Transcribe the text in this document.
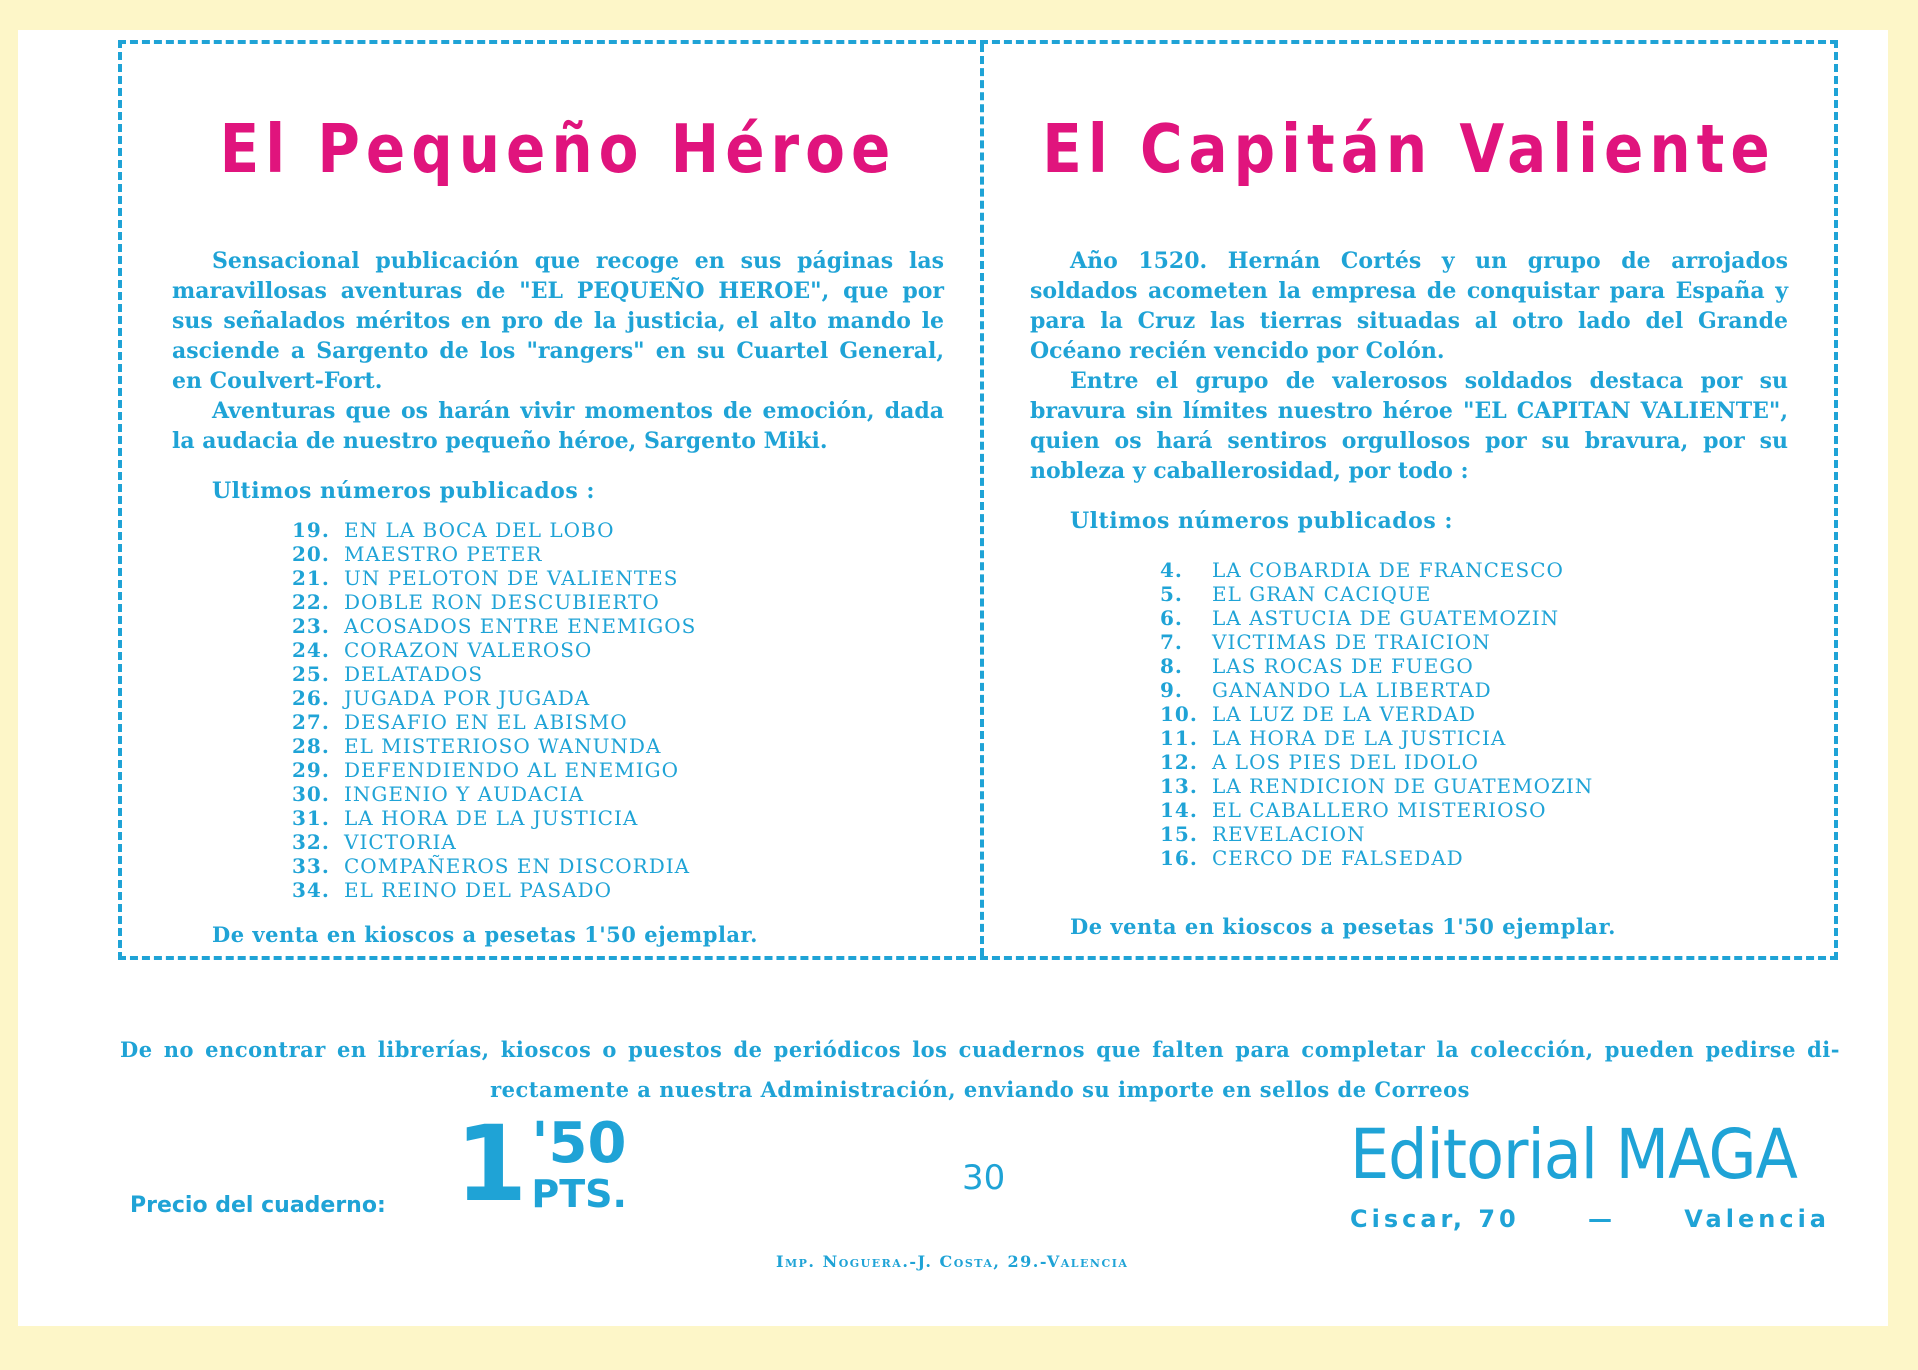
El Pequeño Héroe

Sensacional publicación que recoge en sus páginas las maravillosas aventuras de "EL PEQUEÑO HEROE", que por sus señalados méritos en pro de la justicia, el alto mando le asciende a Sargento de los "rangers" en su Cuartel General, en Coulvert-Fort.

Aventuras que os harán vivir momentos de emoción, dada la audacia de nuestro pequeño héroe, Sargento Miki.

Ultimos números publicados :
19. EN LA BOCA DEL LOBO
20. MAESTRO PETER
21. UN PELOTON DE VALIENTES
22. DOBLE RON DESCUBIERTO
23. ACOSADOS ENTRE ENEMIGOS
24. CORAZON VALEROSO
25. DELATADOS
26. JUGADA POR JUGADA
27. DESAFIO EN EL ABISMO
28. EL MISTERIOSO WANUNDA
29. DEFENDIENDO AL ENEMIGO
30. INGENIO Y AUDACIA
31. LA HORA DE LA JUSTICIA
32. VICTORIA
33. COMPAÑEROS EN DISCORDIA
34. EL REINO DEL PASADO
De venta en kioscos a pesetas 1'50 ejemplar.
El Capitán Valiente

Año 1520. Hernán Cortés y un grupo de arrojados soldados acometen la empresa de conquistar para España y para la Cruz las tierras situadas al otro lado del Grande Océano recién vencido por Colón.

Entre el grupo de valerosos soldados destaca por su bravura sin límites nuestro héroe "EL CAPITAN VALIENTE", quien os hará sentiros orgullosos por su bravura, por su nobleza y caballerosidad, por todo :

Ultimos números publicados :
4.	LA COBARDIA DE FRANCESCO
5.	EL GRAN CACIQUE
6.	LA ASTUCIA DE GUATEMOZIN
7.	VICTIMAS DE TRAICION
8.	LAS ROCAS DE FUEGO
9.	GANANDO LA LIBERTAD
10. LA LUZ DE LA VERDAD
11. LA HORA DE LA JUSTICIA
12. A LOS PIES DEL IDOLO
13. LA RENDICION DE GUATEMOZIN
14. EL CABALLERO MISTERIOSO
15. REVELACION
16. CERCO DE FALSEDAD
De venta en kioscos a pesetas 1'50 ejemplar.
De no encontrar en librerías, kioscos o puestos de periódicos los cuadernos que falten para completar la colección, pueden pedirse di-
rectamente a nuestra Administración, enviando su importe en sellos de Correos
Precio del cuaderno: 1 '50
PTS.	30	Editorial MAGA
Ciscar, 70	—	Valencia
Imp. Noguera.-J. Costa, 29.-Valencia
